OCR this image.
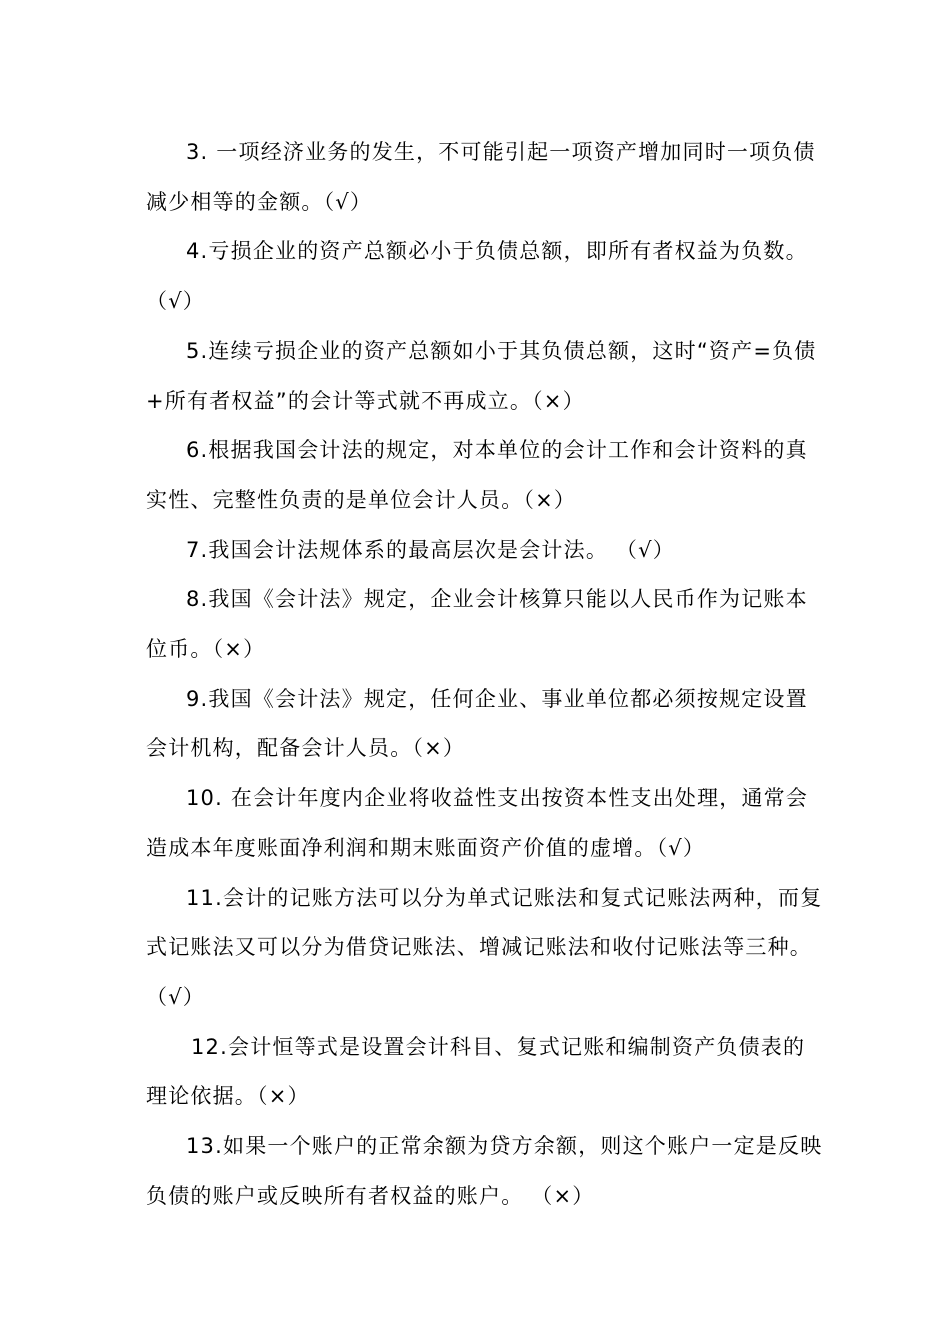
3. 一项经济业务的发生，不可能引起一项资产增加同时一项负债减少相等的金额。（√）

4.亏损企业的资产总额必小于负债总额，即所有者权益为负数。（√）

5.连续亏损企业的资产总额如小于其负债总额，这时“资产=负债+所有者权益”的会计等式就不再成立。（×）

6.根据我国会计法的规定，对本单位的会计工作和会计资料的真实性、完整性负责的是单位会计人员。（×）

7.我国会计法规体系的最高层次是会计法。 （√）

8.我国《会计法》规定，企业会计核算只能以人民币作为记账本位币。（×）

9.我国《会计法》规定，任何企业、事业单位都必须按规定设置会计机构，配备会计人员。（×）

10. 在会计年度内企业将收益性支出按资本性支出处理，通常会造成本年度账面净利润和期末账面资产价值的虚增。（√）

11.会计的记账方法可以分为单式记账法和复式记账法两种，而复式记账法又可以分为借贷记账法、增减记账法和收付记账法等三种。（√）

12.会计恒等式是设置会计科目、复式记账和编制资产负债表的理论依据。（×）

13.如果一个账户的正常余额为贷方余额，则这个账户一定是反映负债的账户或反映所有者权益的账户。 （×）
